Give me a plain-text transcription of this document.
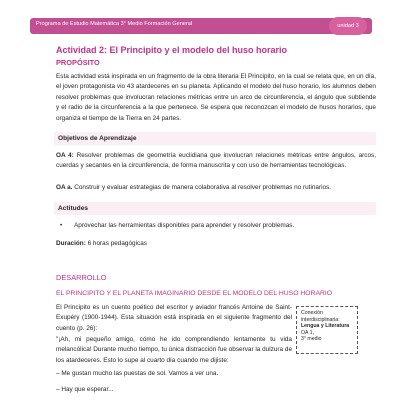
Programa de Estudio Matemática 3° Medio Formación General	unidad 3
Actividad 2: El Principito y el modelo del huso horario
PROPÓSITO
Esta actividad está inspirada en un fragmento de la obra literaria El Principito, en la cual se relata que, en un día, el joven protagonista vio 43 atardeceres en su planeta. Aplicando el modelo del huso horario, los alumnos deben resolver problemas que involucran relaciones métricas entre un arco de circunferencia, el ángulo que subtiende y el radio de la circunferencia a la que pertenece. Se espera que reconozcan el modelo de husos horarios, que organiza el tiempo de la Tierra en 24 partes.
Objetivos de Aprendizaje
OA 4: Resolver problemas de geometría euclidiana que involucran relaciones métricas entre ángulos, arcos, cuerdas y secantes en la circunferencia, de forma manuscrita y con uso de herramientas tecnológicas.
OA a. Construir y evaluar estrategias de manera colaborativa al resolver problemas no rutinarios.
Actitudes
• Aprovechar las herramientas disponibles para aprender y resolver problemas.
Duración: 6 horas pedagógicas
DESARROLLO
EL PRINCIPITO Y EL PLANETA IMAGINARIO DESDE EL MODELO DEL HUSO HORARIO
El Principito es un cuento poético del escritor y aviador francés Antoine de Saint-Exupéry (1900-1944). Esta situación está inspirada en el siguiente fragmento del cuento (p. 26):
"¡Ah, mi pequeño amigo, cómo he ido comprendiendo lentamente tu vida melancólica! Durante mucho tiempo, tu única distracción fue observar la dulzura de los atardeceres. Esto lo supe al cuarto día cuando me dijiste:
– Me gustan mucho las puestas de sol. Vamos a ver una.
– Hay que esperar...
Conexión
interdisciplinaria:
Lengua y Literatura
OA 1,
3° medio
